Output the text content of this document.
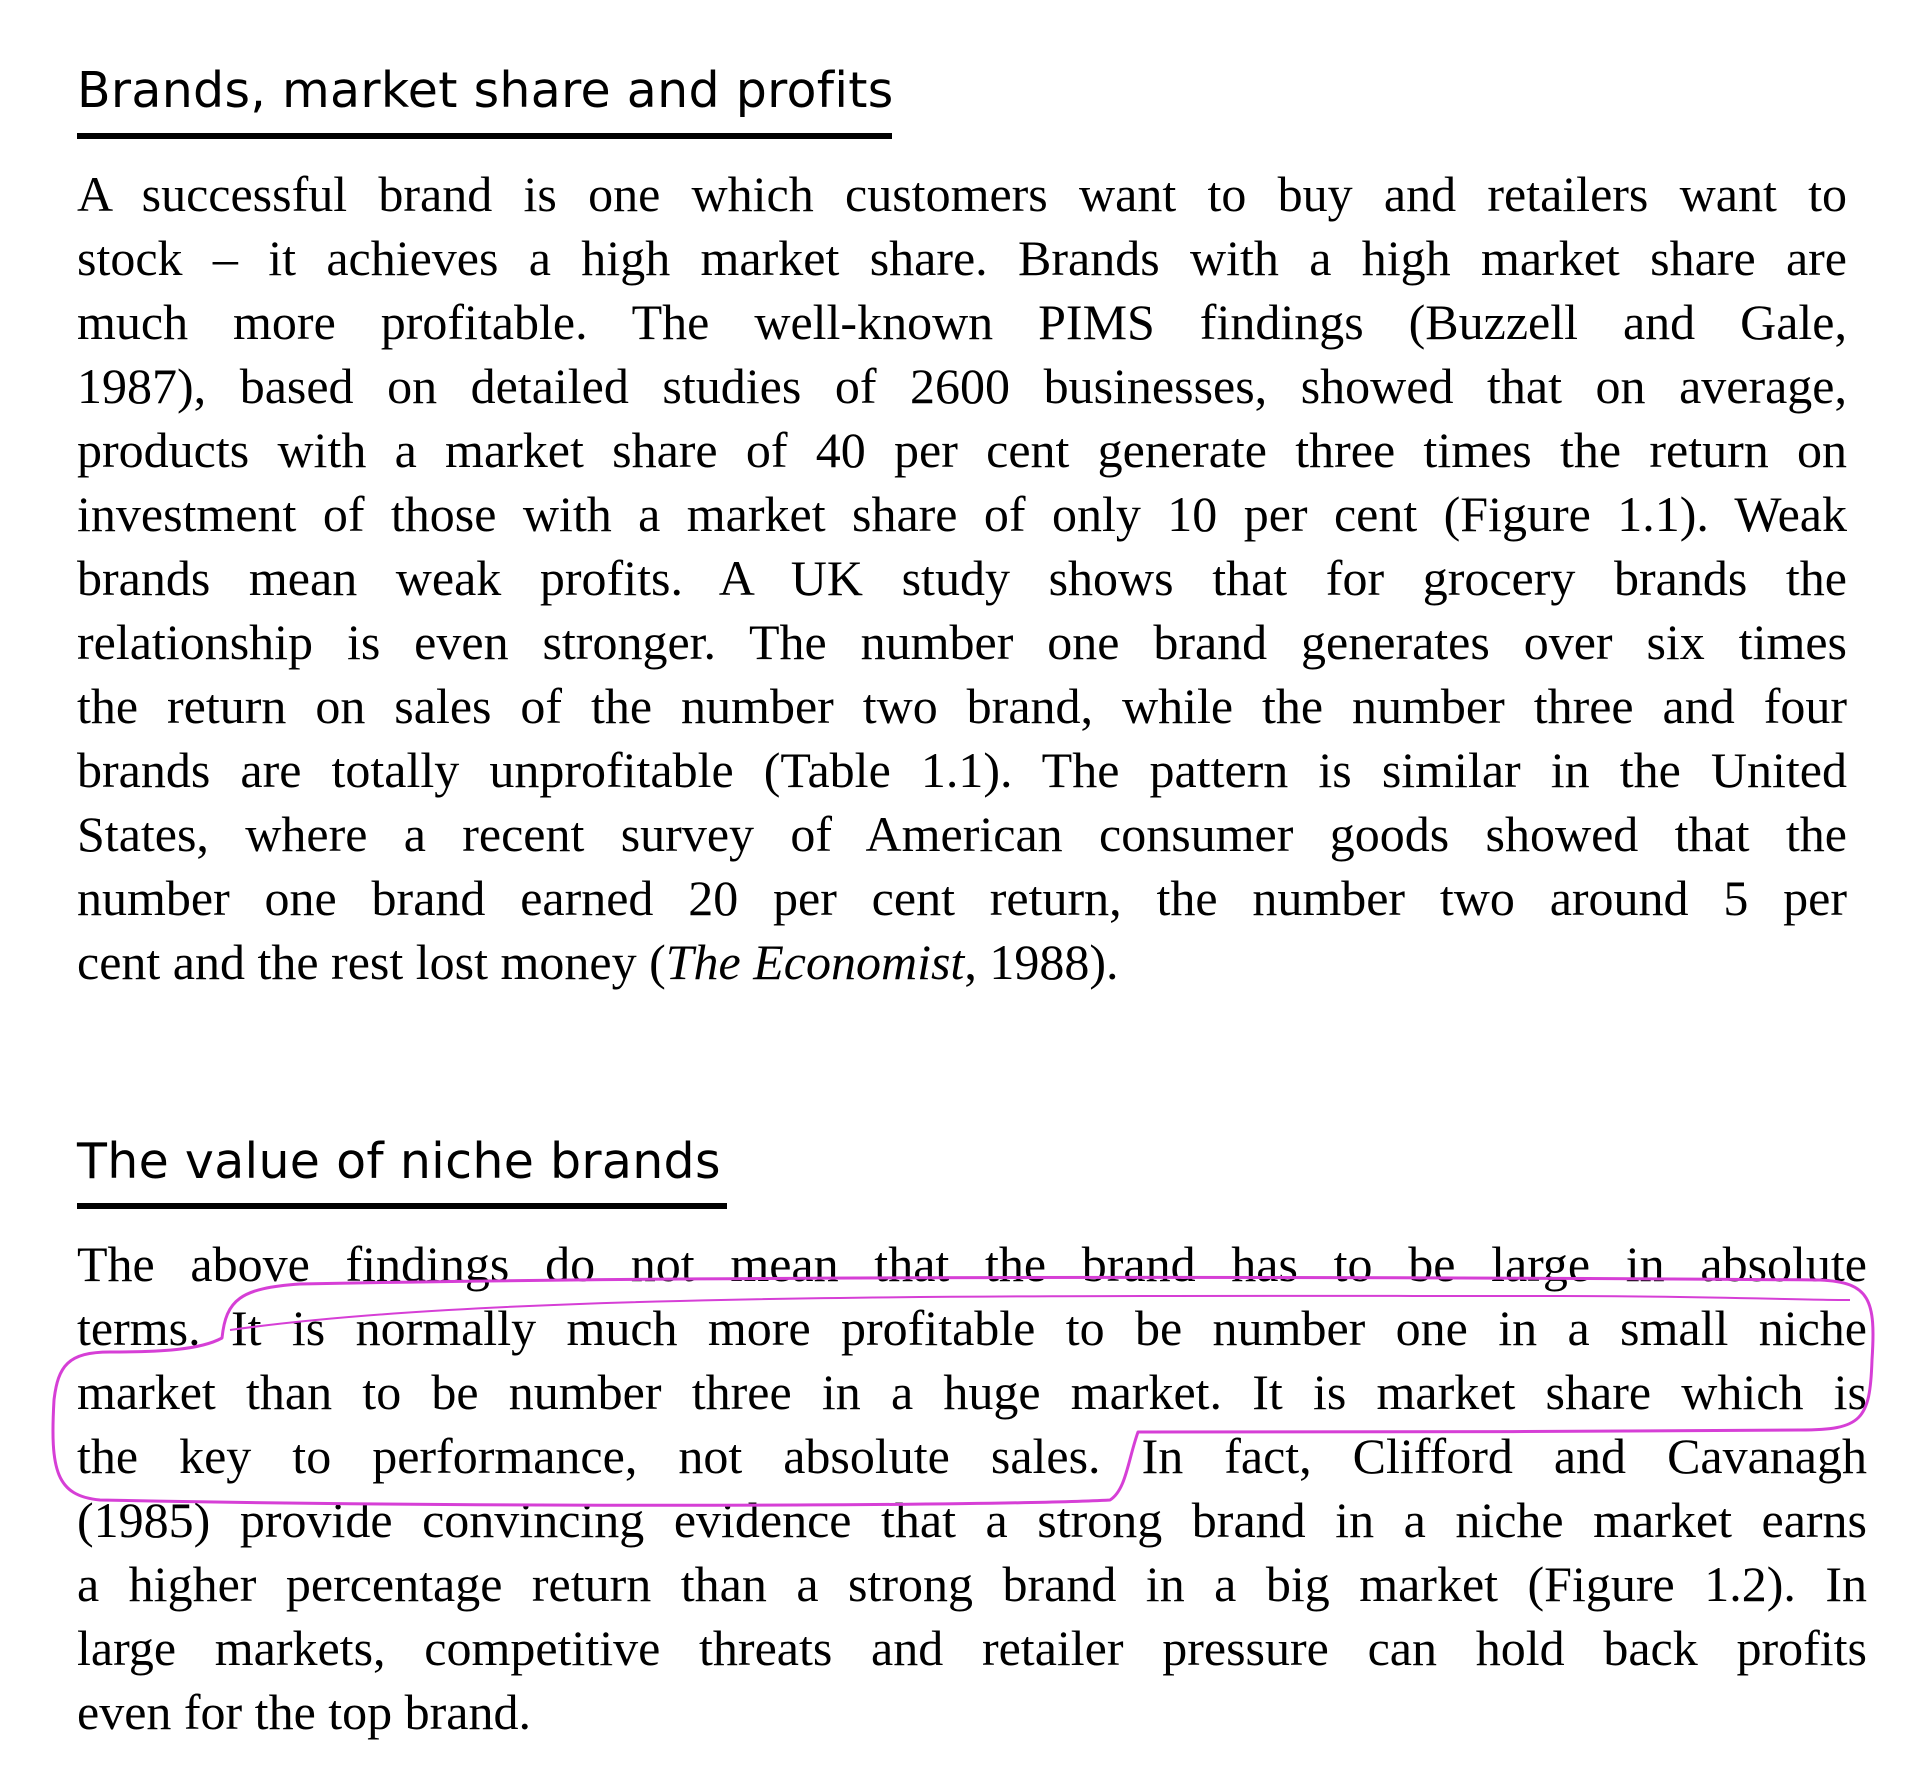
Brands, market share and profits
A successful brand is one which customers want to buy and retailers want to
stock – it achieves a high market share. Brands with a high market share are
much more profitable. The well-known PIMS findings (Buzzell and Gale,
1987), based on detailed studies of 2600 businesses, showed that on average,
products with a market share of 40 per cent generate three times the return on
investment of those with a market share of only 10 per cent (Figure 1.1). Weak
brands mean weak profits. A UK study shows that for grocery brands the
relationship is even stronger. The number one brand generates over six times
the return on sales of the number two brand, while the number three and four
brands are totally unprofitable (Table 1.1). The pattern is similar in the United
States, where a recent survey of American consumer goods showed that the
number one brand earned 20 per cent return, the number two around 5 per
cent and the rest lost money (The Economist, 1988).
The value of niche brands
The above findings do not mean that the brand has to be large in absolute
terms. It is normally much more profitable to be number one in a small niche
market than to be number three in a huge market. It is market share which is
the key to performance, not absolute sales. In fact, Clifford and Cavanagh
(1985) provide convincing evidence that a strong brand in a niche market earns
a higher percentage return than a strong brand in a big market (Figure 1.2). In
large markets, competitive threats and retailer pressure can hold back profits
even for the top brand.
